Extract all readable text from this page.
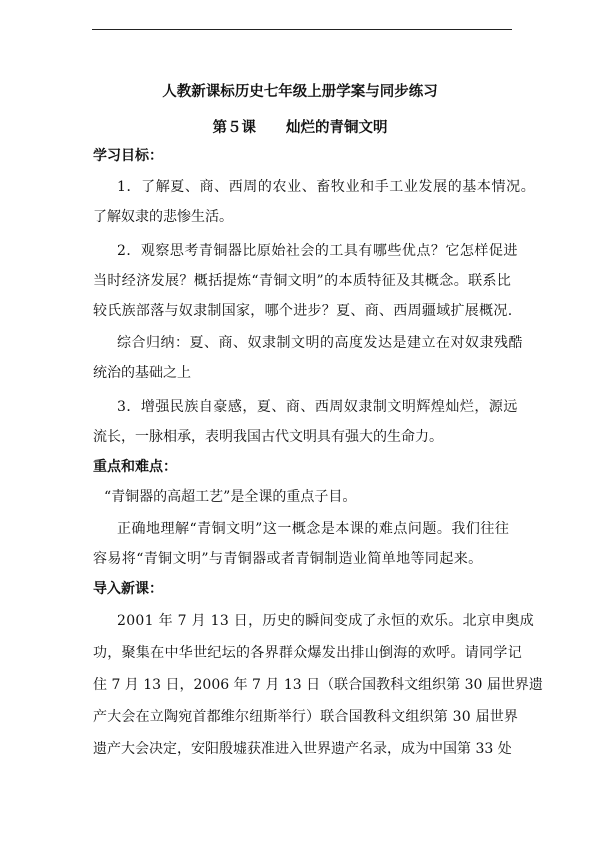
人教新课标历史七年级上册学案与同步练习
第５课 灿烂的青铜文明
学习目标：
1．了解夏、商、西周的农业、畜牧业和手工业发展的基本情况。
了解奴隶的悲惨生活。
2．观察思考青铜器比原始社会的工具有哪些优点？它怎样促进
当时经济发展？概括提炼“青铜文明”的本质特征及其概念。联系比
较氏族部落与奴隶制国家，哪个进步？夏、商、西周疆域扩展概况.
综合归纳：夏、商、奴隶制文明的高度发达是建立在对奴隶残酷
统治的基础之上
3．增强民族自豪感，夏、商、西周奴隶制文明辉煌灿烂，源远
流长，一脉相承，表明我国古代文明具有强大的生命力。
重点和难点：
“青铜器的高超工艺”是全课的重点子目。
正确地理解“青铜文明”这一概念是本课的难点问题。我们往往
容易将“青铜文明”与青铜器或者青铜制造业简单地等同起来。
导入新课：
2001 年 7 月 13 日，历史的瞬间变成了永恒的欢乐。北京申奥成
功，聚集在中华世纪坛的各界群众爆发出排山倒海的欢呼。请同学记
住 7 月 13 日，2006 年 7 月 13 日（联合国教科文组织第 30 届世界遗
产大会在立陶宛首都维尔纽斯举行）联合国教科文组织第 30 届世界
遗产大会决定，安阳殷墟获准进入世界遗产名录，成为中国第 33 处
